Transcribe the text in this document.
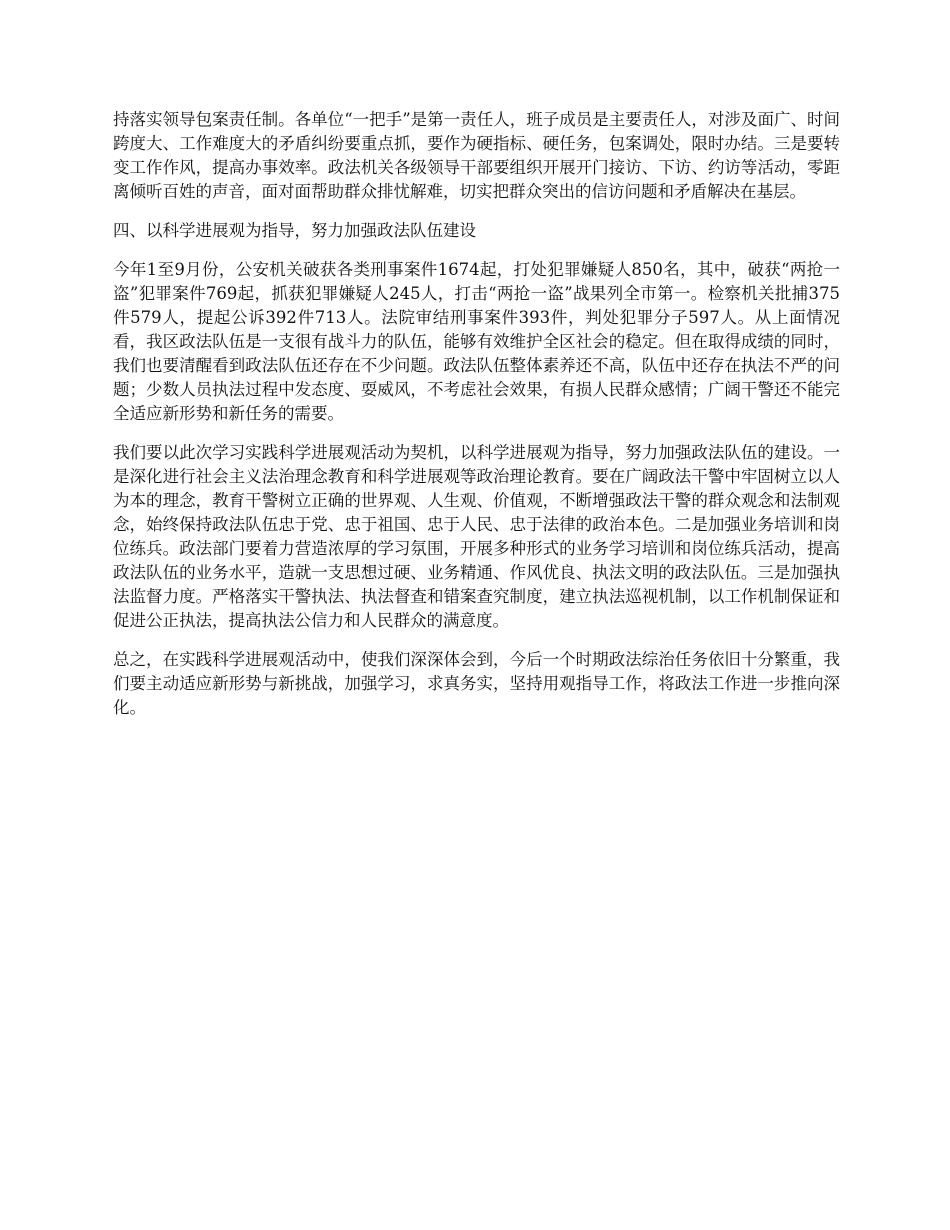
持落实领导包案责任制。各单位“一把手”是第一责任人，班子成员是主要责任人，对涉及面广、时间跨度大、工作难度大的矛盾纠纷要重点抓，要作为硬指标、硬任务，包案调处，限时办结。三是要转变工作作风，提高办事效率。政法机关各级领导干部要组织开展开门接访、下访、约访等活动，零距离倾听百姓的声音，面对面帮助群众排忧解难，切实把群众突出的信访问题和矛盾解决在基层。

四、以科学进展观为指导，努力加强政法队伍建设

今年1至9月份，公安机关破获各类刑事案件1674起，打处犯罪嫌疑人850名，其中，破获“两抢一盗”犯罪案件769起，抓获犯罪嫌疑人245人，打击“两抢一盗”战果列全市第一。检察机关批捕375件579人，提起公诉392件713人。法院审结刑事案件393件，判处犯罪分子597人。从上面情况看，我区政法队伍是一支很有战斗力的队伍，能够有效维护全区社会的稳定。但在取得成绩的同时，我们也要清醒看到政法队伍还存在不少问题。政法队伍整体素养还不高，队伍中还存在执法不严的问题；少数人员执法过程中发态度、耍威风，不考虑社会效果，有损人民群众感情；广阔干警还不能完全适应新形势和新任务的需要。

我们要以此次学习实践科学进展观活动为契机，以科学进展观为指导，努力加强政法队伍的建设。一是深化进行社会主义法治理念教育和科学进展观等政治理论教育。要在广阔政法干警中牢固树立以人为本的理念，教育干警树立正确的世界观、人生观、价值观，不断增强政法干警的群众观念和法制观念，始终保持政法队伍忠于党、忠于祖国、忠于人民、忠于法律的政治本色。二是加强业务培训和岗位练兵。政法部门要着力营造浓厚的学习氛围，开展多种形式的业务学习培训和岗位练兵活动，提高政法队伍的业务水平，造就一支思想过硬、业务精通、作风优良、执法文明的政法队伍。三是加强执法监督力度。严格落实干警执法、执法督查和错案查究制度，建立执法巡视机制，以工作机制保证和促进公正执法，提高执法公信力和人民群众的满意度。

总之，在实践科学进展观活动中，使我们深深体会到，今后一个时期政法综治任务依旧十分繁重，我们要主动适应新形势与新挑战，加强学习，求真务实，坚持用观指导工作，将政法工作进一步推向深化。
